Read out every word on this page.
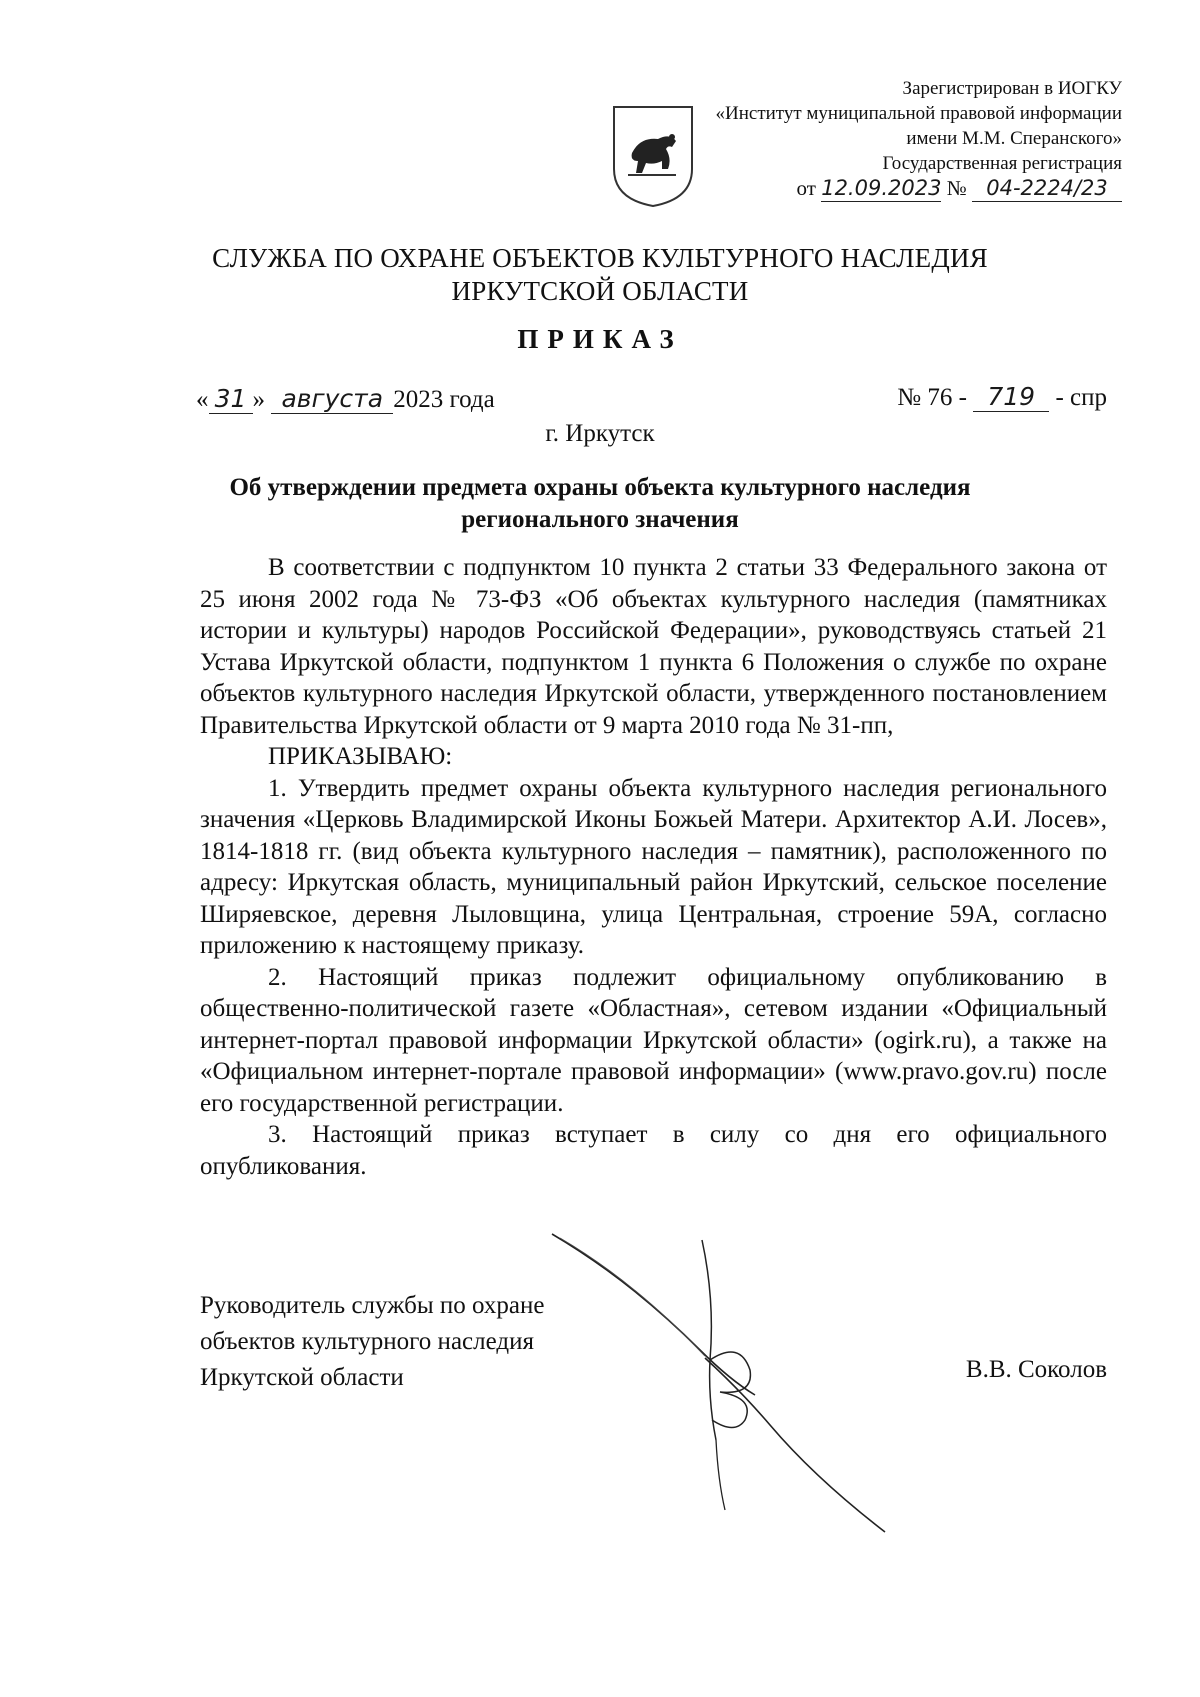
Зарегистрирован в ИОГКУ
«Институт муниципальной правовой информации
имени М.М. Сперанского»
Государственная регистрация
от 12.09.2023 № 04-2224/23
СЛУЖБА ПО ОХРАНЕ ОБЪЕКТОВ КУЛЬТУРНОГО НАСЛЕДИЯ
ИРКУТСКОЙ ОБЛАСТИ
ПРИКАЗ
« 31 » августа 2023 года	№ 76 - 719 - спр
г. Иркутск
Об утверждении предмета охраны объекта культурного наследия
регионального значения

В соответствии с подпунктом 10 пункта 2 статьи 33 Федерального закона от 25 июня 2002 года № 73-ФЗ «Об объектах культурного наследия (памятниках истории и культуры) народов Российской Федерации», руководствуясь статьей 21 Устава Иркутской области, подпунктом 1 пункта 6 Положения о службе по охране объектов культурного наследия Иркутской области, утвержденного постановлением Правительства Иркутской области от 9 марта 2010 года № 31-пп,

ПРИКАЗЫВАЮ:

1. Утвердить предмет охраны объекта культурного наследия регионального значения «Церковь Владимирской Иконы Божьей Матери. Архитектор А.И. Лосев», 1814-1818 гг. (вид объекта культурного наследия – памятник), расположенного по адресу: Иркутская область, муниципальный район Иркутский, сельское поселение Ширяевское, деревня Лыловщина, улица Центральная, строение 59А, согласно приложению к настоящему приказу.

2. Настоящий приказ подлежит официальному опубликованию в общественно-политической газете «Областная», сетевом издании «Официальный интернет-портал правовой информации Иркутской области» (ogirk.ru), а также на «Официальном интернет-портале правовой информации» (www.pravo.gov.ru) после его государственной регистрации.

3. Настоящий приказ вступает в силу со дня его официального опубликования.

Руководитель службы по охране
объектов культурного наследия
Иркутской области	В.В. Соколов
